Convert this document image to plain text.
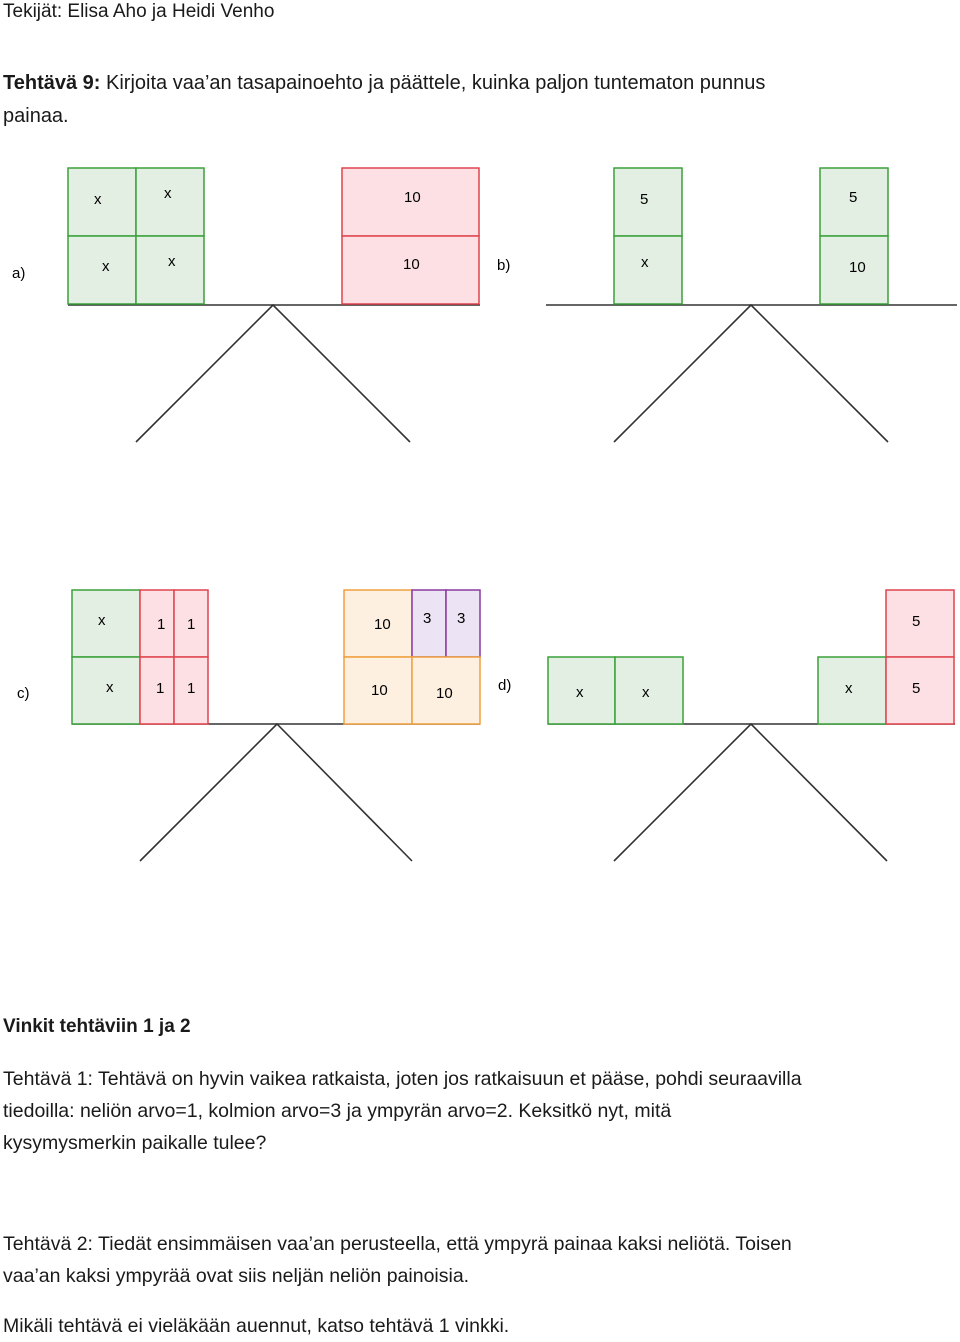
Tekijät: Elisa Aho ja Heidi Venho
Tehtävä 9: Kirjoita vaa’an tasapainoehto ja päättele, kuinka paljon tuntematon punnus
painaa.
a)
x	x
x	x
10
10	b)
5
x
5
10
c)
x	1 1
x	1 1
10 3 3
10	10	d)	x	x
5
x	5
Vinkit tehtäviin 1 ja 2
Tehtävä 1: Tehtävä on hyvin vaikea ratkaista, joten jos ratkaisuun et pääse, pohdi seuraavilla
tiedoilla: neliön arvo=1, kolmion arvo=3 ja ympyrän arvo=2. Keksitkö nyt, mitä
kysymysmerkin paikalle tulee?
Tehtävä 2: Tiedät ensimmäisen vaa’an perusteella, että ympyrä painaa kaksi neliötä. Toisen
vaa’an kaksi ympyrää ovat siis neljän neliön painoisia.
Mikäli tehtävä ei vieläkään auennut, katso tehtävä 1 vinkki.
